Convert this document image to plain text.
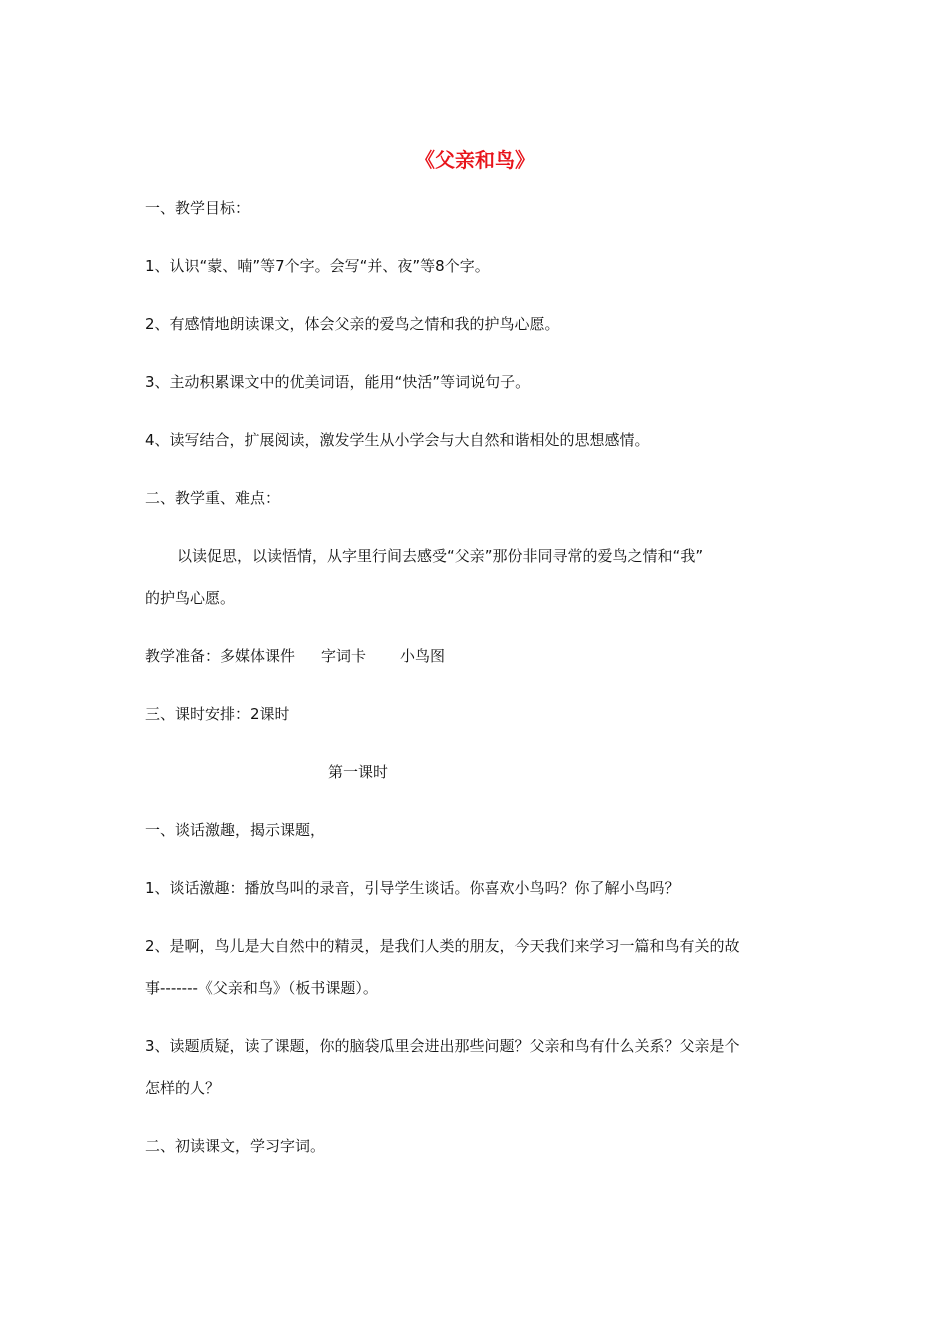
《父亲和鸟》
一、教学目标：
1、认识“蒙、喃”等7个字。会写“并、夜”等8个字。
2、有感情地朗读课文，体会父亲的爱鸟之情和我的护鸟心愿。
3、主动积累课文中的优美词语，能用“快活”等词说句子。
4、读写结合，扩展阅读，激发学生从小学会与大自然和谐相处的思想感情。
二、教学重、难点：
以读促思，以读悟情，从字里行间去感受“父亲”那份非同寻常的爱鸟之情和“我”
的护鸟心愿。
教学准备：多媒体课件 字词卡 小鸟图
三、课时安排：2课时
第一课时
一、谈话激趣，揭示课题，
1、谈话激趣：播放鸟叫的录音，引导学生谈话。你喜欢小鸟吗？你了解小鸟吗？
2、是啊，鸟儿是大自然中的精灵，是我们人类的朋友，今天我们来学习一篇和鸟有关的故
事-------《父亲和鸟》（板书课题）。
3、读题质疑，读了课题，你的脑袋瓜里会进出那些问题？父亲和鸟有什么关系？父亲是个
怎样的人？
二、初读课文，学习字词。
